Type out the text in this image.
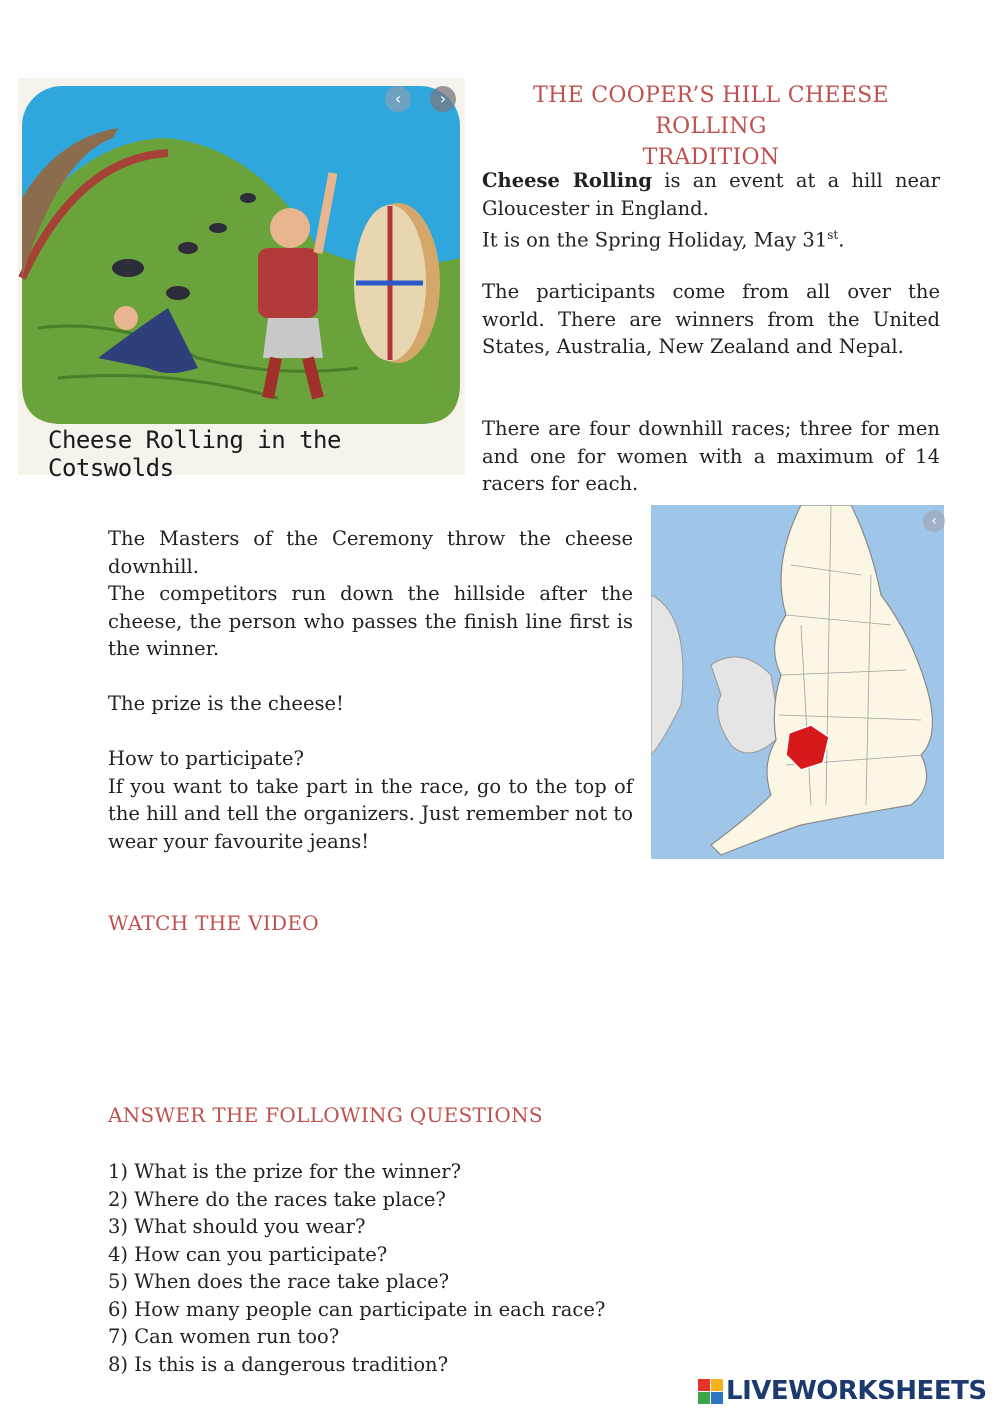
Cheese Rolling in the Cotswolds
‹	›	THE COOPER’S HILL CHEESE ROLLING
TRADITION

Cheese Rolling is an event at a hill near Gloucester in England.

It is on the Spring Holiday, May 31st.

The participants come from all over the world. There are winners from the United States, Australia, New Zealand and Nepal.

There are four downhill races; three for men and one for women with a maximum of 14 racers for each.

‹

The Masters of the Ceremony throw the cheese downhill.

The competitors run down the hillside after the cheese, the person who passes the finish line first is the winner.

The prize is the cheese!

How to participate?

If you want to take part in the race, go to the top of the hill and tell the organizers. Just remember not to wear your favourite jeans!

WATCH THE VIDEO
ANSWER THE FOLLOWING QUESTIONS
1) What is the prize for the winner?
2) Where do the races take place?
3) What should you wear?
4) How can you participate?
5) When does the race take place?
6) How many people can participate in each race?
7) Can women run too?
8) Is this is a dangerous tradition?
LIVEWORKSHEETS
